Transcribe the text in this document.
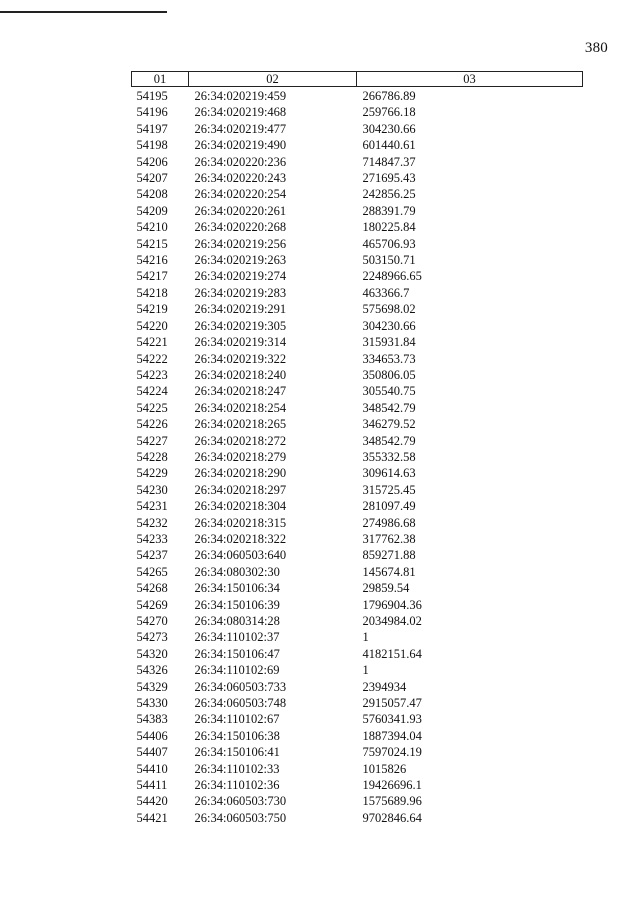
380
01	02	03
54195	26:34:020219:459	266786.89
54196	26:34:020219:468	259766.18
54197	26:34:020219:477	304230.66
54198	26:34:020219:490	601440.61
54206	26:34:020220:236	714847.37
54207	26:34:020220:243	271695.43
54208	26:34:020220:254	242856.25
54209	26:34:020220:261	288391.79
54210	26:34:020220:268	180225.84
54215	26:34:020219:256	465706.93
54216	26:34:020219:263	503150.71
54217	26:34:020219:274	2248966.65
54218	26:34:020219:283	463366.7
54219	26:34:020219:291	575698.02
54220	26:34:020219:305	304230.66
54221	26:34:020219:314	315931.84
54222	26:34:020219:322	334653.73
54223	26:34:020218:240	350806.05
54224	26:34:020218:247	305540.75
54225	26:34:020218:254	348542.79
54226	26:34:020218:265	346279.52
54227	26:34:020218:272	348542.79
54228	26:34:020218:279	355332.58
54229	26:34:020218:290	309614.63
54230	26:34:020218:297	315725.45
54231	26:34:020218:304	281097.49
54232	26:34:020218:315	274986.68
54233	26:34:020218:322	317762.38
54237	26:34:060503:640	859271.88
54265	26:34:080302:30	145674.81
54268	26:34:150106:34	29859.54
54269	26:34:150106:39	1796904.36
54270	26:34:080314:28	2034984.02
54273	26:34:110102:37	1
54320	26:34:150106:47	4182151.64
54326	26:34:110102:69	1
54329	26:34:060503:733	2394934
54330	26:34:060503:748	2915057.47
54383	26:34:110102:67	5760341.93
54406	26:34:150106:38	1887394.04
54407	26:34:150106:41	7597024.19
54410	26:34:110102:33	1015826
54411	26:34:110102:36	19426696.1
54420	26:34:060503:730	1575689.96
54421	26:34:060503:750	9702846.64
